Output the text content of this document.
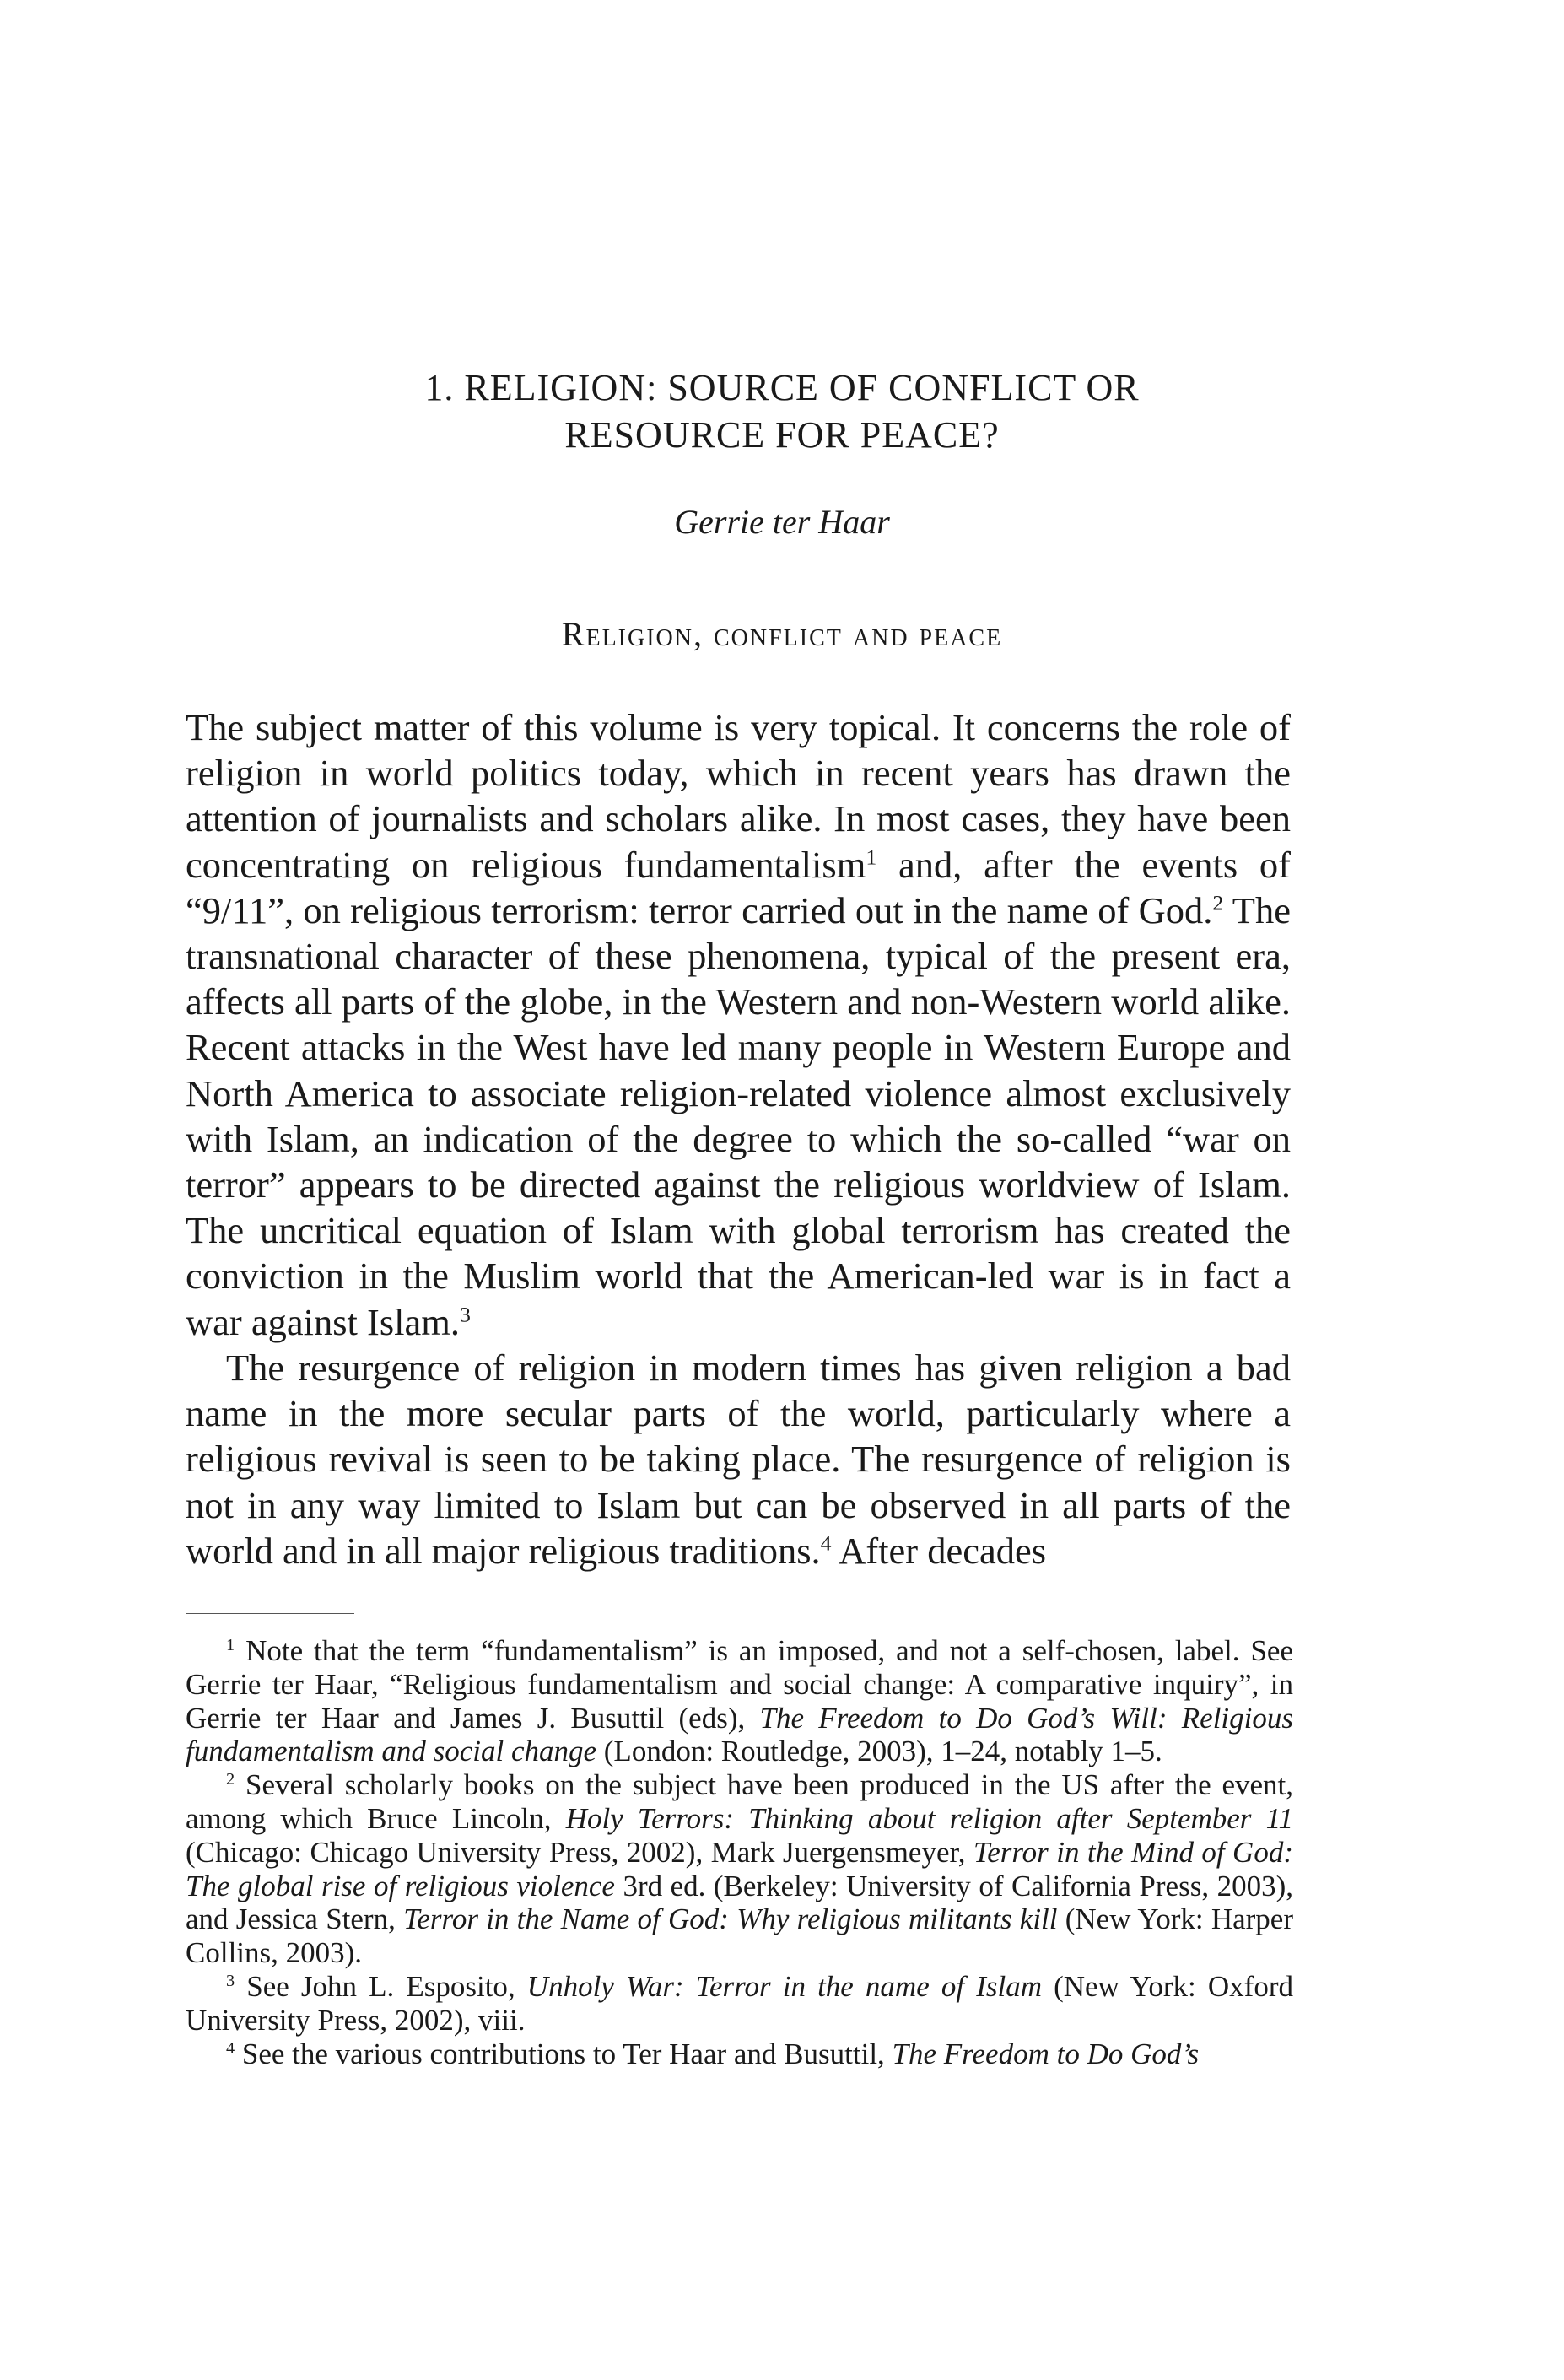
1. RELIGION: SOURCE OF CONFLICT OR
RESOURCE FOR PEACE?
Gerrie ter Haar
Religion, conflict and peace

The subject matter of this volume is very topical. It concerns the role of religion in world politics today, which in recent years has drawn the attention of journalists and scholars alike. In most cases, they have been concentrating on religious fundamentalism$^1$ and, after the events of “9/11”, on religious terrorism: terror carried out in the name of God.$^2$ The transnational character of these phenomena, typical of the present era, affects all parts of the globe, in the Western and non-Western world alike. Recent attacks in the West have led many people in Western Europe and North America to associate religion-related violence almost exclusively with Islam, an indication of the degree to which the so-called “war on terror” appears to be directed against the religious worldview of Islam. The uncritical equation of Islam with global terrorism has created the conviction in the Muslim world that the American-led war is in fact a war against Islam.$^3$

The resurgence of religion in modern times has given religion a bad name in the more secular parts of the world, particularly where a religious revival is seen to be taking place. The resurgence of religion is not in any way limited to Islam but can be observed in all parts of the world and in all major religious traditions.$^4$ After decades

$^1$ Note that the term “fundamentalism” is an imposed, and not a self-chosen, label. See Gerrie ter Haar, “Religious fundamentalism and social change: A comparative inquiry”, in Gerrie ter Haar and James J. Busuttil (eds), The Freedom to Do God’s Will: Religious fundamentalism and social change (London: Routledge, 2003), 1–24, notably 1–5.

$^2$ Several scholarly books on the subject have been produced in the US after the event, among which Bruce Lincoln, Holy Terrors: Thinking about religion after September 11 (Chicago: Chicago University Press, 2002), Mark Juergensmeyer, Terror in the Mind of God: The global rise of religious violence 3rd ed. (Berkeley: University of California Press, 2003), and Jessica Stern, Terror in the Name of God: Why religious militants kill (New York: Harper Collins, 2003).

$^3$ See John L. Esposito, Unholy War: Terror in the name of Islam (New York: Oxford University Press, 2002), viii.

$^4$ See the various contributions to Ter Haar and Busuttil, The Freedom to Do God’s
